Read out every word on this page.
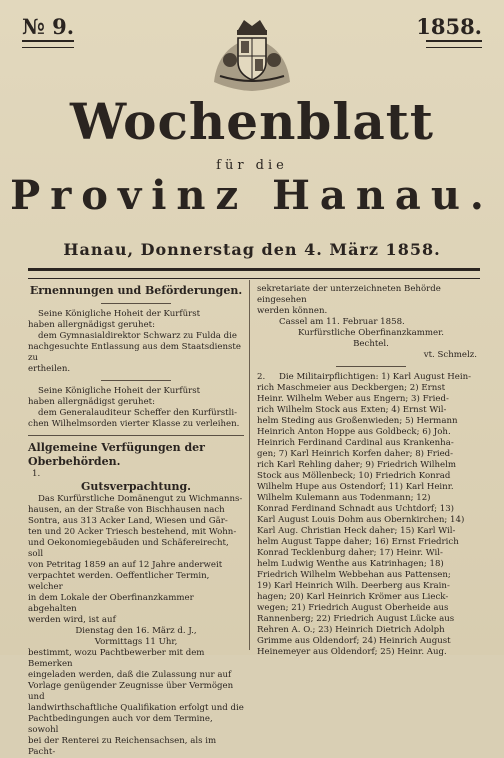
№ 9.	1858.
Wochenblatt
für die
Provinz Hanau.
Hanau, Donnerstag den 4. März 1858.
Ernennungen und Beförderungen.

Seine Königliche Hoheit der Kurfürst

haben allergnädigst geruhet:

dem Gymnasialdirektor Schwarz zu Fulda die

nachgesuchte Entlassung aus dem Staatsdienste zu

ertheilen.

Seine Königliche Hoheit der Kurfürst

haben allergnädigst geruhet:

dem Generalauditeur Scheffer den Kurfürstli-

chen Wilhelmsorden vierter Klasse zu verleihen.

Allgemeine Verfügungen der Oberbehörden.

1.

Gutsverpachtung.

Das Kurfürstliche Domänengut zu Wichmanns-

hausen, an der Straße von Bischhausen nach

Sontra, aus 313 Acker Land, Wiesen und Gär-

ten und 20 Acker Triesch bestehend, mit Wohn-

und Oekonomiegebäuden und Schäfereirecht, soll

von Petritag 1859 an auf 12 Jahre anderweit

verpachtet werden. Oeffentlicher Termin, welcher

in dem Lokale der Oberfinanzkammer abgehalten

werden wird, ist auf

Dienstag den 16. März d. J.,

Vormittags 11 Uhr,

bestimmt, wozu Pachtbewerber mit dem Bemerken

eingeladen werden, daß die Zulassung nur auf

Vorlage genügender Zeugnisse über Vermögen und

landwirthschaftliche Qualifikation erfolgt und die

Pachtbedingungen auch vor dem Termine, sowohl

bei der Renterei zu Reichensachsen, als im Pacht-

sekretariate der unterzeichneten Behörde eingesehen

werden können.

Cassel am 11. Februar 1858.

Kurfürstliche Oberfinanzkammer.

Bechtel.

vt. Schmelz.

2.	Die Militairpflichtigen: 1) Karl August Hein-

rich Maschmeier aus Deckbergen; 2) Ernst

Heinr. Wilhelm Weber aus Engern; 3) Fried-

rich Wilhelm Stock aus Exten; 4) Ernst Wil-

helm Steding aus Großenwieden; 5) Hermann

Heinrich Anton Hoppe aus Goldbeck; 6) Joh.

Heinrich Ferdinand Cardinal aus Krankenha-

gen; 7) Karl Heinrich Korfen daher; 8) Fried-

rich Karl Rehling daher; 9) Friedrich Wilhelm

Stock aus Möllenbeck; 10) Friedrich Konrad

Wilhelm Hupe aus Ostendorf; 11) Karl Heinr.

Wilhelm Kulemann aus Todenmann; 12)

Konrad Ferdinand Schnadt aus Uchtdorf; 13)

Karl August Louis Dohm aus Obernkirchen; 14)

Karl Aug. Christian Heck daher; 15) Karl Wil-

helm August Tappe daher; 16) Ernst Friedrich

Konrad Tecklenburg daher; 17) Heinr. Wil-

helm Ludwig Wenthe aus Katrinhagen; 18)

Friedrich Wilhelm Webbehan aus Pattensen;

19) Karl Heinrich Wilh. Deerberg aus Krain-

hagen; 20) Karl Heinrich Krömer aus Lieck-

wegen; 21) Friedrich August Oberheide aus

Rannenberg; 22) Friedrich August Lücke aus

Rehren A. O.; 23) Heinrich Dietrich Adolph

Grimme aus Oldendorf; 24) Heinrich August

Heinemeyer aus Oldendorf; 25) Heinr. Aug.
